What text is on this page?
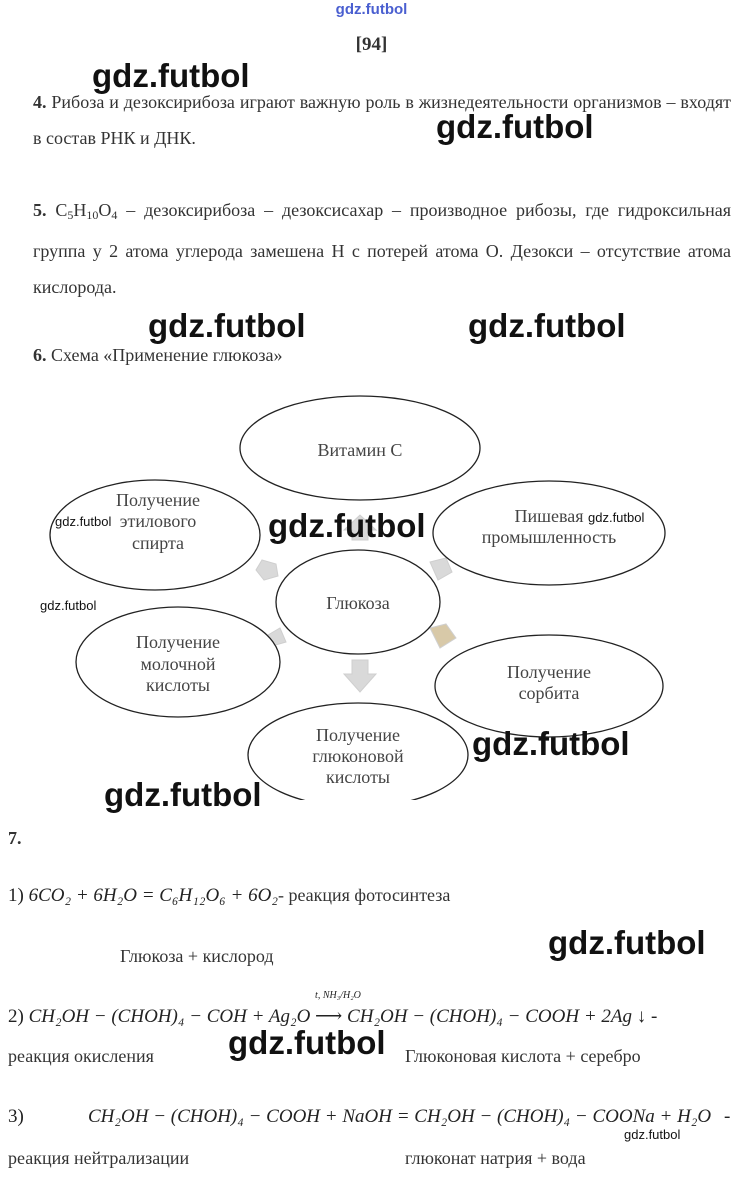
gdz.futbol
[94]
4. Рибоза и дезоксирибоза играют важную роль в жизнедеятельности организмов – входят в состав РНК и ДНК.
5. $C_5H_{10}O_4$ – дезоксирибоза – дезоксисахар – производное рибозы, где гидроксильная группа у 2 атома углерода замешена Н с потерей атома О. Дезокси – отсутствие атома кислорода.
6. Схема «Применение глюкоза»
Витамин С
Получение
этилового
спирта
Пишевая
промышленность
Глюкоза
Получение
молочной
кислоты
Получение
сорбита
Получение
глюконовой
кислоты
7.
1) 6CO₂ + 6H₂O = C₆H₁₂O₆ + 6O₂- реакция фотосинтеза
Глюкоза + кислород
2) CH₂OH − (CHOH)₄ − COH + Ag₂O
t, NH₃/H₂O
⟶ CH₂OH − (CHOH)₄ − COOH + 2Ag ↓ -
реакция окисления	Глюконовая кислота + серебро
3)	CH₂OH − (CHOH)₄ − COOH + NaOH = CH₂OH − (CHOH)₄ − COONa + H₂O -
реакция нейтрализации	глюконат натрия + вода
gdz.futbol
gdz.futbol
gdz.futbol	gdz.futbol
gdz.futbol
gdz.futbol
gdz.futbol
gdz.futbol
gdz.futbol
gdz.futbol	gdz.futbol
gdz.futbol
gdz.futbol
